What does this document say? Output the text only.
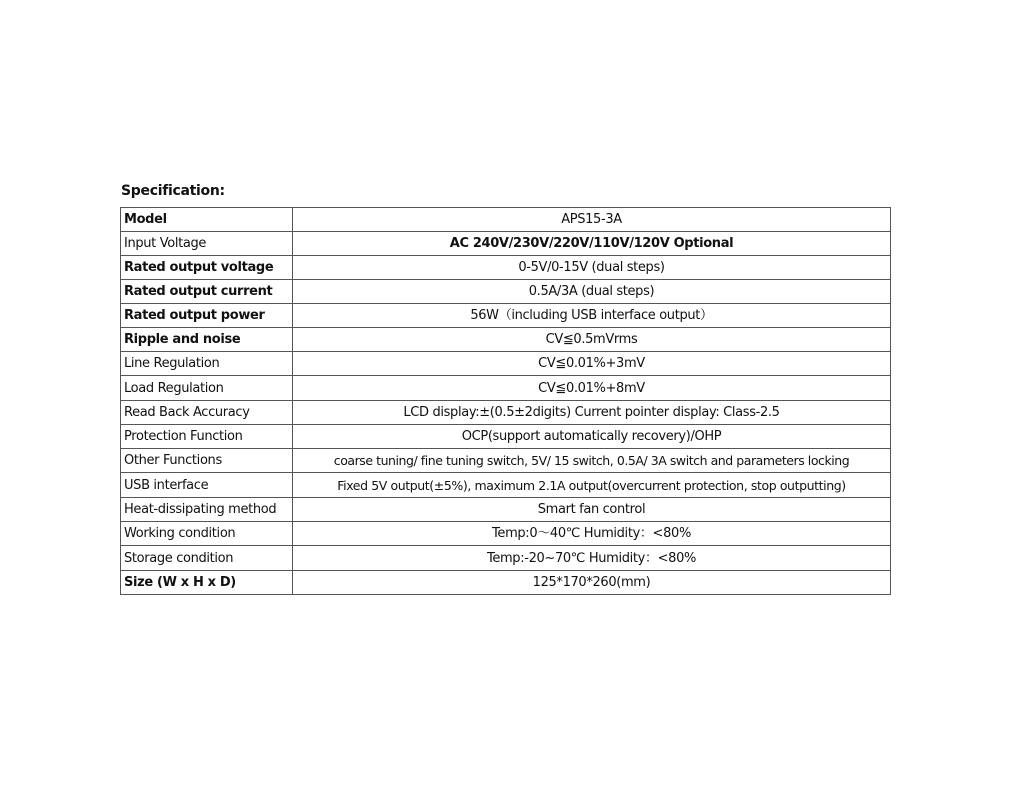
Specification:
Model	APS15-3A
Input Voltage	AC 240V/230V/220V/110V/120V Optional
Rated output voltage	0-5V/0-15V (dual steps)
Rated output current	0.5A/3A (dual steps)
Rated output power	56W（including USB interface output）
Ripple and noise	CV≦0.5mVrms
Line Regulation	CV≦0.01%+3mV
Load Regulation	CV≦0.01%+8mV
Read Back Accuracy	LCD display:±(0.5±2digits) Current pointer display: Class-2.5
Protection Function	OCP(support automatically recovery)/OHP
Other Functions	coarse tuning/ fine tuning switch, 5V/ 15 switch, 0.5A/ 3A switch and parameters locking
USB interface	Fixed 5V output(±5%), maximum 2.1A output(overcurrent protection, stop outputting)
Heat-dissipating method	Smart fan control
Working condition	Temp:0～40℃ Humidity：<80%
Storage condition	Temp:-20~70℃ Humidity：<80%
Size (W x H x D)	125*170*260(mm)
